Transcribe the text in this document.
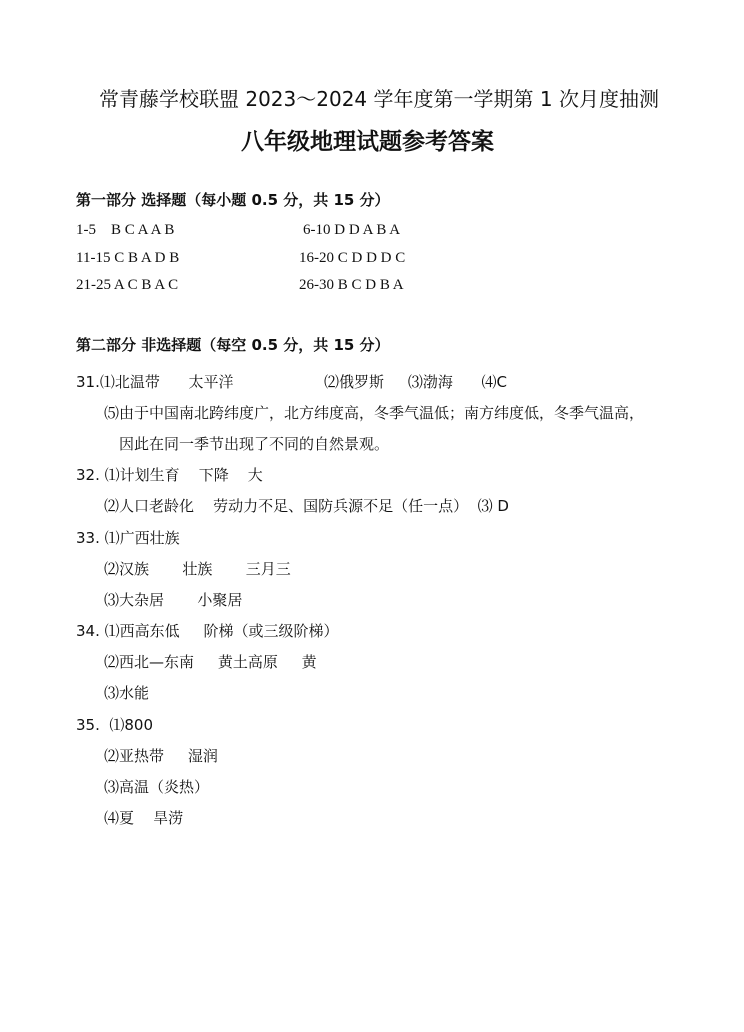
常青藤学校联盟 2023～2024 学年度第一学期第 1 次月度抽测
八年级地理试题参考答案
第一部分 选择题（每小题 0.5 分，共 15 分）
1-5    B C A A B	6-10 D D A B A
11-15 C B A D B	16-20 C D D D C
21-25 A C B A C	26-30 B C D B A
第二部分 非选择题（每空 0.5 分，共 15 分）
31.⑴北温带      太平洋                   ⑵俄罗斯     ⑶渤海      ⑷C
⑸由于中国南北跨纬度广，北方纬度高，冬季气温低；南方纬度低，冬季气温高，
因此在同一季节出现了不同的自然景观。
32. ⑴计划生育    下降    大
⑵人口老龄化    劳动力不足、国防兵源不足（任一点）  ⑶ D
33. ⑴广西壮族
⑵汉族       壮族       三月三
⑶大杂居       小聚居
34. ⑴西高东低     阶梯（或三级阶梯）
⑵西北—东南     黄土高原     黄
⑶水能
35.  ⑴800
⑵亚热带     湿润
⑶高温（炎热）
⑷夏    旱涝
